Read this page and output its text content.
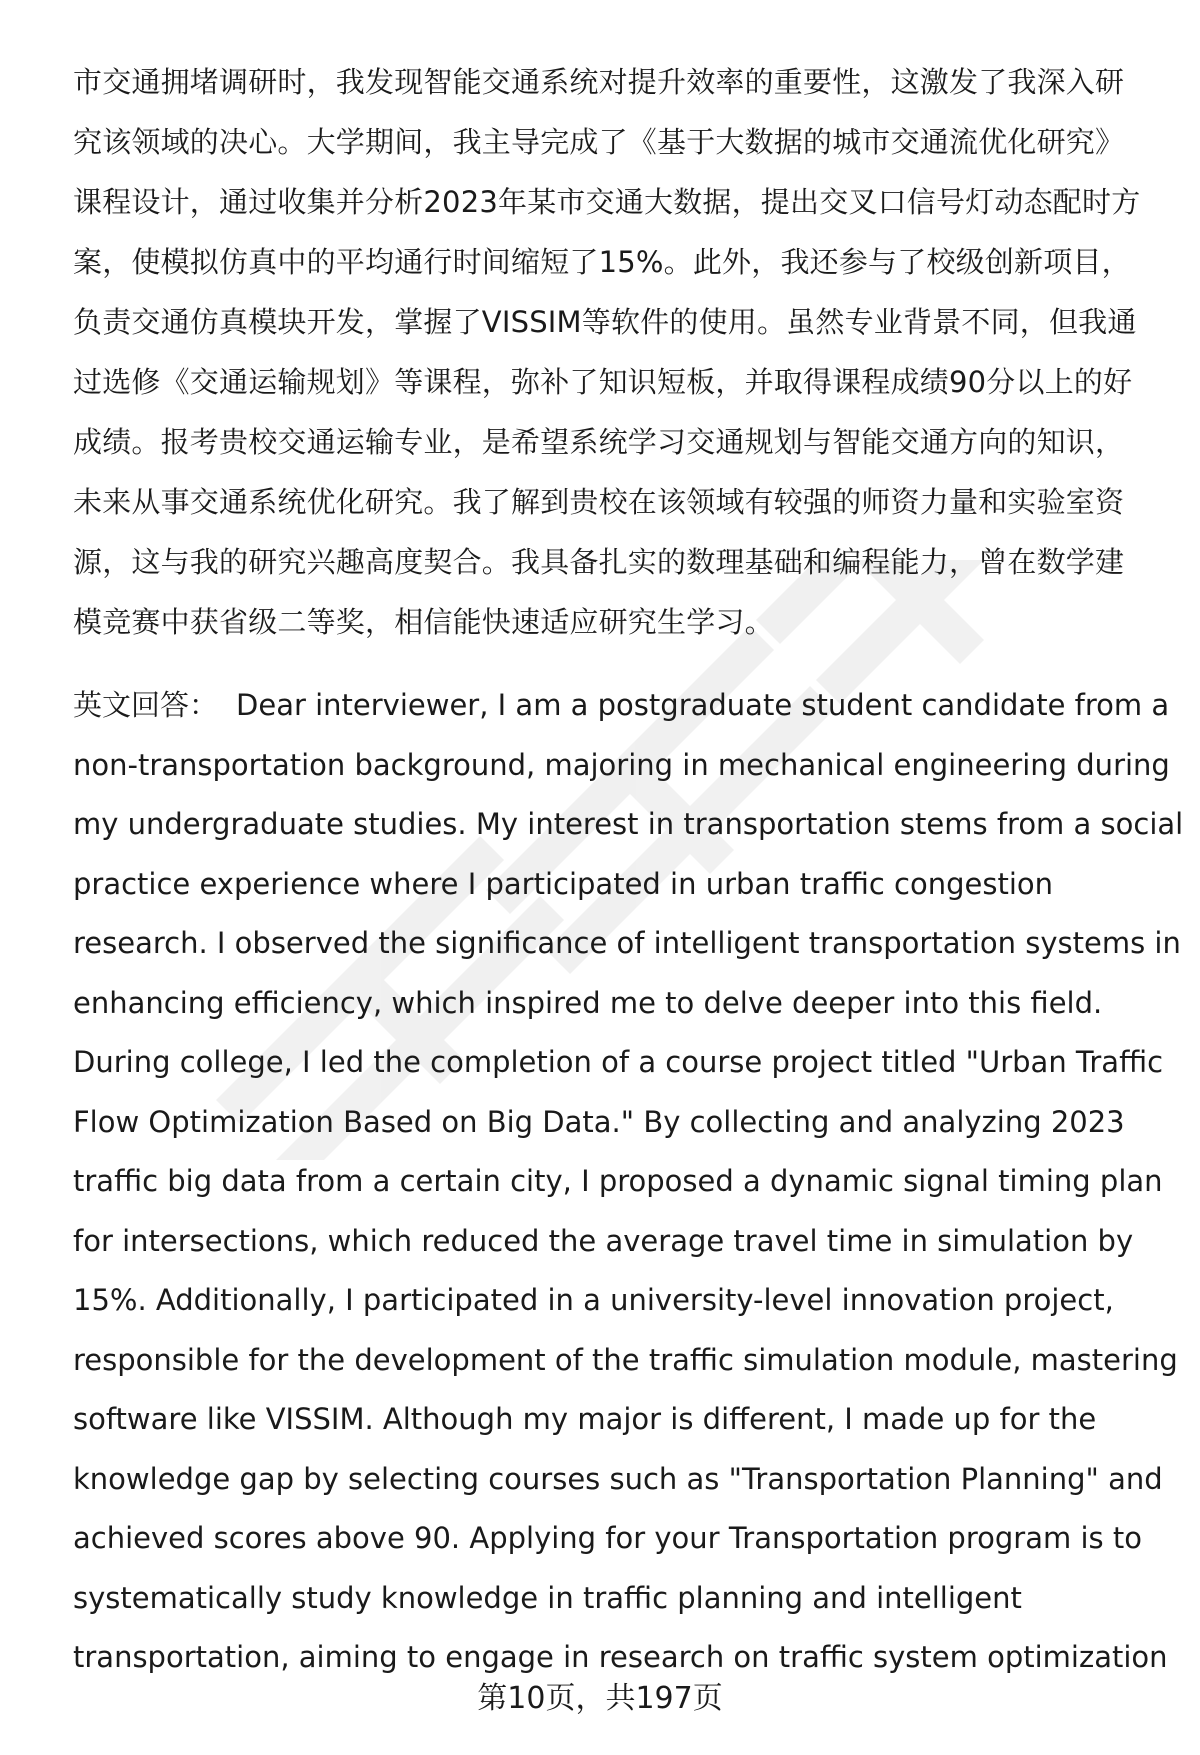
市交通拥堵调研时，我发现智能交通系统对提升效率的重要性，这激发了我深入研
究该领域的决心。大学期间，我主导完成了《基于大数据的城市交通流优化研究》
课程设计，通过收集并分析2023年某市交通大数据，提出交叉口信号灯动态配时方
案，使模拟仿真中的平均通行时间缩短了15%。此外，我还参与了校级创新项目，
负责交通仿真模块开发，掌握了VISSIM等软件的使用。虽然专业背景不同，但我通
过选修《交通运输规划》等课程，弥补了知识短板，并取得课程成绩90分以上的好
成绩。报考贵校交通运输专业，是希望系统学习交通规划与智能交通方向的知识，
未来从事交通系统优化研究。我了解到贵校在该领域有较强的师资力量和实验室资
源，这与我的研究兴趣高度契合。我具备扎实的数理基础和编程能力，曾在数学建
模竞赛中获省级二等奖，相信能快速适应研究生学习。

英文回答： Dear interviewer, I am a postgraduate student candidate from a
non-transportation background, majoring in mechanical engineering during
my undergraduate studies. My interest in transportation stems from a social
practice experience where I participated in urban traffic congestion
research. I observed the significance of intelligent transportation systems in
enhancing efficiency, which inspired me to delve deeper into this field.
During college, I led the completion of a course project titled "Urban Traffic
Flow Optimization Based on Big Data." By collecting and analyzing 2023
traffic big data from a certain city, I proposed a dynamic signal timing plan
for intersections, which reduced the average travel time in simulation by
15%. Additionally, I participated in a university-level innovation project,
responsible for the development of the traffic simulation module, mastering
software like VISSIM. Although my major is different, I made up for the
knowledge gap by selecting courses such as "Transportation Planning" and
achieved scores above 90. Applying for your Transportation program is to
systematically study knowledge in traffic planning and intelligent
transportation, aiming to engage in research on traffic system optimization

第10页，共197页
